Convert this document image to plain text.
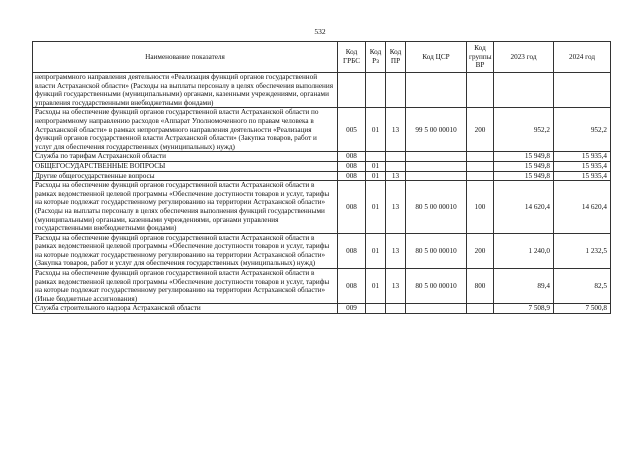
532
Наименование показателя	Код ГРБС	Код Рз	Код ПР	Код ЦСР	Код группы ВР	2023 год	2024 год
непрограммного направления деятельности «Реализация функций органов государственной власти Астраханской области» (Расходы на выплаты персоналу в целях обеспечения выполнения функций государственными (муниципальными) органами, казенными учреждениями, органами управления государственными внебюджетными фондами)							
Расходы на обеспечение функций органов государственной власти Астраханской области по непрограммному направлению расходов «Аппарат Уполномоченного по правам человека в Астраханской области» в рамках непрограммного направления деятельности «Реализация функций органов государственной власти Астраханской области» (Закупка товаров, работ и услуг для обеспечения государственных (муниципальных) нужд)	005	01	13	99 5 00 00010	200	952,2	952,2
Служба по тарифам Астраханской области	008					15 949,8	15 935,4
ОБЩЕГОСУДАРСТВЕННЫЕ ВОПРОСЫ	008	01				15 949,8	15 935,4
Другие общегосударственные вопросы	008	01	13			15 949,8	15 935,4
Расходы на обеспечение функций органов государственной власти Астраханской области в рамках ведомственной целевой программы «Обеспечение доступности товаров и услуг, тарифы на которые подлежат государственному регулированию на территории Астраханской области» (Расходы на выплаты персоналу в целях обеспечения выполнения функций государственными (муниципальными) органами, казенными учреждениями, органами управления государственными внебюджетными фондами)	008	01	13	80 5 00 00010	100	14 620,4	14 620,4
Расходы на обеспечение функций органов государственной власти Астраханской области в рамках ведомственной целевой программы «Обеспечение доступности товаров и услуг, тарифы на которые подлежат государственному регулированию на территории Астраханской области» (Закупка товаров, работ и услуг для обеспечения государственных (муниципальных) нужд)	008	01	13	80 5 00 00010	200	1 240,0	1 232,5
Расходы на обеспечение функций органов государственной власти Астраханской области в рамках ведомственной целевой программы «Обеспечение доступности товаров и услуг, тарифы на которые подлежат государственному регулированию на территории Астраханской области» (Иные бюджетные ассигнования)	008	01	13	80 5 00 00010	800	89,4	82,5
Служба строительного надзора Астраханской области	009					7 508,9	7 500,8
